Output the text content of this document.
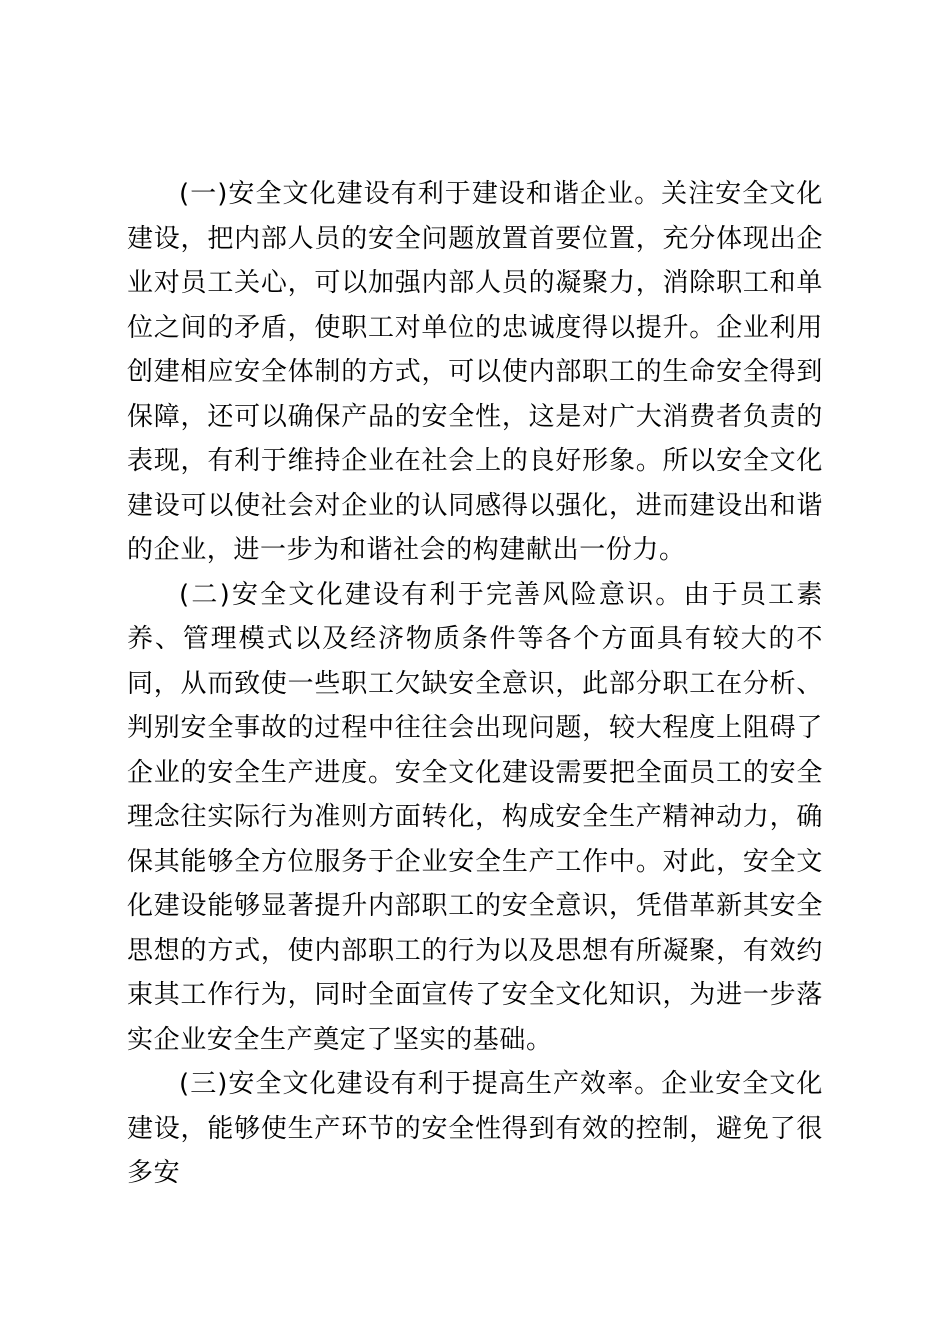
(一)安全文化建设有利于建设和谐企业。关注安全文化建设，把内部人员的安全问题放置首要位置，充分体现出企业对员工关心，可以加强内部人员的凝聚力，消除职工和单位之间的矛盾，使职工对单位的忠诚度得以提升。企业利用创建相应安全体制的方式，可以使内部职工的生命安全得到保障，还可以确保产品的安全性，这是对广大消费者负责的表现，有利于维持企业在社会上的良好形象。所以安全文化建设可以使社会对企业的认同感得以强化，进而建设出和谐的企业，进一步为和谐社会的构建献出一份力。

(二)安全文化建设有利于完善风险意识。由于员工素养、管理模式以及经济物质条件等各个方面具有较大的不同，从而致使一些职工欠缺安全意识，此部分职工在分析、判别安全事故的过程中往往会出现问题，较大程度上阻碍了企业的安全生产进度。安全文化建设需要把全面员工的安全理念往实际行为准则方面转化，构成安全生产精神动力，确保其能够全方位服务于企业安全生产工作中。对此，安全文化建设能够显著提升内部职工的安全意识，凭借革新其安全思想的方式，使内部职工的行为以及思想有所凝聚，有效约束其工作行为，同时全面宣传了安全文化知识，为进一步落实企业安全生产奠定了坚实的基础。

(三)安全文化建设有利于提高生产效率。企业安全文化建设，能够使生产环节的安全性得到有效的控制，避免了很多安
